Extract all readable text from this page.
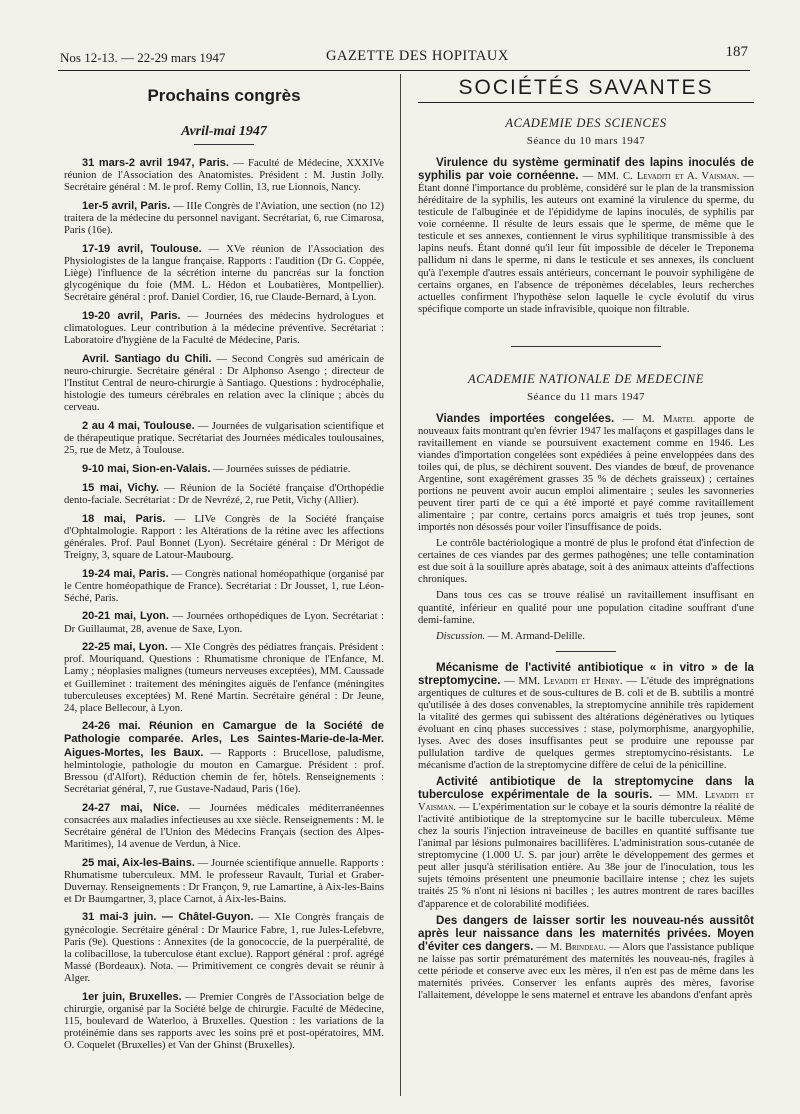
Nos 12-13. — 22-29 mars 1947	GAZETTE DES HOPITAUX	187
Prochains congrès
Avril-mai 1947

31 mars-2 avril 1947, Paris. — Faculté de Médecine, XXXIVe réunion de l'Association des Anatomistes. Président : M. Justin Jolly. Secrétaire général : M. le prof. Remy Collin, 13, rue Lionnois, Nancy.

1er-5 avril, Paris. — IIIe Congrès de l'Aviation, une section (no 12) traitera de la médecine du personnel navigant. Secrétariat, 6, rue Cimarosa, Paris (16e).

17-19 avril, Toulouse. — XVe réunion de l'Association des Physiologistes de la langue française. Rapports : l'audition (Dr G. Coppée, Liège) l'influence de la sécrétion interne du pancréas sur la fonction glycogénique du foie (MM. L. Hédon et Loubatières, Montpellier). Secrétaire général : prof. Daniel Cordier, 16, rue Claude-Bernard, à Lyon.

19-20 avril, Paris. — Journées des médecins hydrologues et climatologues. Leur contribution à la médecine préventive. Secrétariat : Laboratoire d'hygiène de la Faculté de Médecine, Paris.

Avril. Santiago du Chili. — Second Congrès sud américain de neuro-chirurgie. Secrétaire général : Dr Alphonso Asengo ; directeur de l'Institut Central de neuro-chirurgie à Santiago. Questions : hydrocéphalie, histologie des tumeurs cérébrales en relation avec la clinique ; abcès du cerveau.

2 au 4 mai, Toulouse. — Journées de vulgarisation scientifique et de thérapeutique pratique. Secrétariat des Journées médicales toulousaines, 25, rue de Metz, à Toulouse.

9-10 mai, Sion-en-Valais. — Journées suisses de pédiatrie.

15 mai, Vichy. — Réunion de la Société française d'Orthopédie dento-faciale. Secrétariat : Dr de Nevrézé, 2, rue Petit, Vichy (Allier).

18 mai, Paris. — LIVe Congrès de la Société française d'Ophtalmologie. Rapport : les Altérations de la rétine avec les affections générales. Prof. Paul Bonnet (Lyon). Secrétaire général : Dr Mérigot de Treigny, 3, square de Latour-Maubourg.

19-24 mai, Paris. — Congrès national homéopathique (organisé par le Centre homéopathique de France). Secrétariat : Dr Jousset, 1, rue Léon-Séché, Paris.

20-21 mai, Lyon. — Journées orthopédiques de Lyon. Secrétariat : Dr Guillaumat, 28, avenue de Saxe, Lyon.

22-25 mai, Lyon. — XIe Congrès des pédiatres français. Président : prof. Mouriquand. Questions : Rhumatisme chronique de l'Enfance, M. Lamy ; néoplasies malignes (tumeurs nerveuses exceptées), MM. Caussade et Guilleminet : traitement des méningites aiguës de l'enfance (méningites tuberculeuses exceptées) M. René Martin. Secrétaire général : Dr Jeune, 24, place Bellecour, à Lyon.

24-26 mai. Réunion en Camargue de la Société de Pathologie comparée. Arles, Les Saintes-Marie-de-la-Mer. Aigues-Mortes, les Baux. — Rapports : Brucellose, paludisme, helmintologie, pathologie du mouton en Camargue. Président : prof. Bressou (d'Alfort). Réduction chemin de fer, hôtels. Renseignements : Secrétariat général, 7, rue Gustave-Nadaud, Paris (16e).

24-27 mai, Nice. — Journées médicales méditerranéennes consacrées aux maladies infectieuses au xxe siècle. Renseignements : M. le Secrétaire général de l'Union des Médecins Français (section des Alpes-Maritimes), 14 avenue de Verdun, à Nice.

25 mai, Aix-les-Bains. — Journée scientifique annuelle. Rapports : Rhumatisme tuberculeux. MM. le professeur Ravault, Turial et Graber-Duvernay. Renseignements : Dr Françon, 9, rue Lamartine, à Aix-les-Bains et Dr Baumgartner, 3, place Carnot, à Aix-les-Bains.

31 mai-3 juin. — Châtel-Guyon. — XIe Congrès français de gynécologie. Secrétaire général : Dr Maurice Fabre, 1, rue Jules-Lefebvre, Paris (9e). Questions : Annexites (de la gonococcie, de la puerpéralité, de la colibacillose, la tuberculose étant exclue). Rapport général : prof. agrégé Massé (Bordeaux). Nota. — Primitivement ce congrès devait se réunir à Alger.

1er juin, Bruxelles. — Premier Congrès de l'Association belge de chirurgie, organisé par la Société belge de chirurgie. Faculté de Médecine, 115, boulevard de Waterloo, à Bruxelles. Question : les variations de la protéinémie dans ses rapports avec les soins pré et post-opératoires, MM. O. Coquelet (Bruxelles) et Van der Ghinst (Bruxelles).

SOCIÉTÉS SAVANTES
ACADEMIE DES SCIENCES
Séance du 10 mars 1947

Virulence du système germinatif des lapins inoculés de syphilis par voie cornéenne. — MM. C. Levaditi et A. Vaisman. — Étant donné l'importance du problème, considéré sur le plan de la transmission héréditaire de la syphilis, les auteurs ont examiné la virulence du sperme, du testicule de l'albuginée et de l'épididyme de lapins inoculés, de syphilis par voie cornéenne. Il résulte de leurs essais que le sperme, de même que le testicule et ses annexes, contiennent le virus syphilitique transmissible à des lapins neufs. Étant donné qu'il leur fût impossible de déceler le Treponema pallidum ni dans le sperme, ni dans le testicule et ses annexes, ils concluent qu'à l'exemple d'autres essais antérieurs, concernant le pouvoir syphiligène de certains organes, en l'absence de tréponèmes décelables, leurs recherches actuelles confirment l'hypothèse selon laquelle le cycle évolutif du virus spécifique comporte un stade infravisible, quoique non filtrable.

ACADEMIE NATIONALE DE MEDECINE
Séance du 11 mars 1947

Viandes importées congelées. — M. Martel apporte de nouveaux faits montrant qu'en février 1947 les malfaçons et gaspillages dans le ravitaillement en viande se poursuivent exactement comme en 1946. Les viandes d'importation congelées sont expédiées à peine enveloppées dans des toiles qui, de plus, se déchirent souvent. Des viandes de bœuf, de provenance Argentine, sont exagérément grasses 35 % de déchets graisseux) ; certaines portions ne peuvent avoir aucun emploi alimentaire ; seules les savonneries peuvent tirer parti de ce qui a été importé et payé comme ravitaillement alimentaire ; par contre, certains porcs amaigris et tués trop jeunes, sont importés non désossés pour voiler l'insuffisance de poids.

Le contrôle bactériologique a montré de plus le profond état d'infection de certaines de ces viandes par des germes pathogènes; une telle contamination est due soit à la souillure après abatage, soit à des animaux atteints d'affections chroniques.

Dans tous ces cas se trouve réalisé un ravitaillement insuffisant en quantité, inférieur en qualité pour une population citadine souffrant d'une demi-famine.

Discussion. — M. Armand-Delille.

Mécanisme de l'activité antibiotique « in vitro » de la streptomycine. — MM. Levaditi et Henry. — L'étude des imprégnations argentiques de cultures et de sous-cultures de B. coli et de B. subtilis a montré qu'utilisée à des doses convenables, la streptomycine annihile très rapidement la vitalité des germes qui subissent des altérations dégénératives ou lytiques évoluant en cinq phases successives : stase, polymorphisme, anargyophilie, lyses. Avec des doses insuffisantes peut se produire une repousse par pullulation tardive de quelques germes streptomycino-résistants. Le mécanisme d'action de la streptomycine diffère de celui de la pénicilline.

Activité antibiotique de la streptomycine dans la tuberculose expérimentale de la souris. — MM. Levaditi et Vaisman. — L'expérimentation sur le cobaye et la souris démontre la réalité de l'activité antibiotique de la streptomycine sur le bacille tuberculeux. Même chez la souris l'injection intraveineuse de bacilles en quantité suffisante tue l'animal par lésions pulmonaires bacillifères. L'administration sous-cutanée de streptomycine (1.000 U. S. par jour) arrête le développement des germes et peut aller jusqu'à stérilisation entière. Au 38e jour de l'inoculation, tous les sujets témoins présentent une pneumonie bacillaire intense ; chez les sujets traités 25 % n'ont ni lésions ni bacilles ; les autres montrent de rares bacilles d'apparence et de colorabilité modifiées.

Des dangers de laisser sortir les nouveau-nés aussitôt après leur naissance dans les maternités privées. Moyen d'éviter ces dangers. — M. Brindeau. — Alors que l'assistance publique ne laisse pas sortir prématurément des maternités les nouveau-nés, fragiles à cette période et conserve avec eux les mères, il n'en est pas de même dans les maternités privées. Conserver les enfants auprès des mères, favorise l'allaitement, développe le sens maternel et entrave les abandons d'enfant après
